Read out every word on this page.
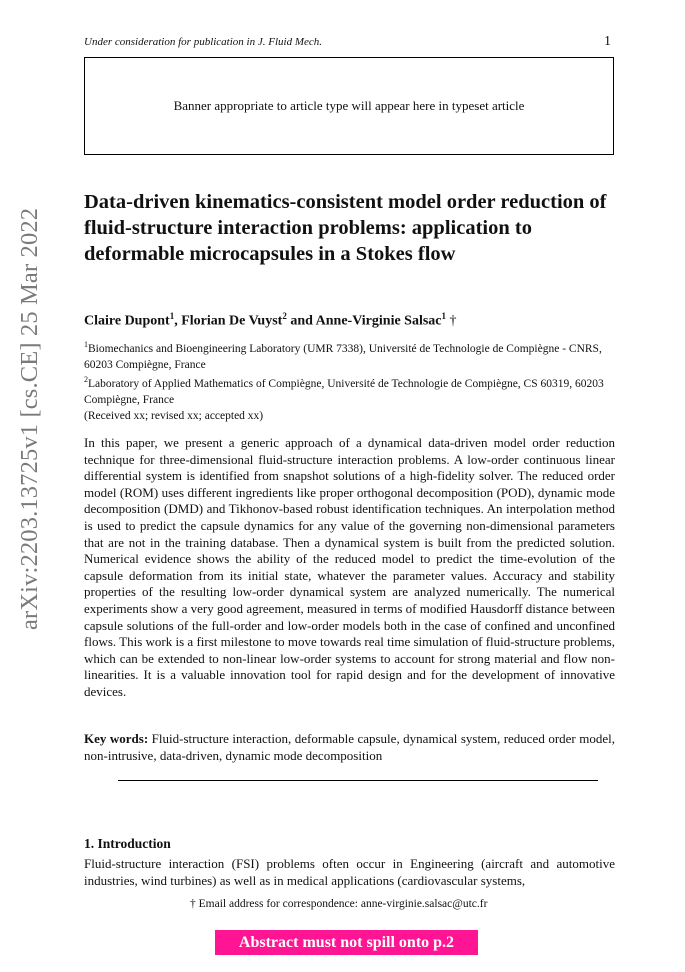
Under consideration for publication in J. Fluid Mech.	1
Banner appropriate to article type will appear here in typeset article
arXiv:2203.13725v1 [cs.CE] 25 Mar 2022
Data-driven kinematics-consistent model order reduction of fluid-structure interaction problems: application to deformable microcapsules in a Stokes flow
Claire Dupont$^1$, Florian De Vuyst$^2$ and Anne-Virginie Salsac$^1$ †
$^1$Biomechanics and Bioengineering Laboratory (UMR 7338), Université de Technologie de Compiègne - CNRS, 60203 Compiègne, France
$^2$Laboratory of Applied Mathematics of Compiègne, Université de Technologie de Compiègne, CS 60319, 60203 Compiègne, France
(Received xx; revised xx; accepted xx)

In this paper, we present a generic approach of a dynamical data-driven model order reduction technique for three-dimensional fluid-structure interaction problems. A low-order continuous linear differential system is identified from snapshot solutions of a high-fidelity solver. The reduced order model (ROM) uses different ingredients like proper orthogonal decomposition (POD), dynamic mode decomposition (DMD) and Tikhonov-based robust identification techniques. An interpolation method is used to predict the capsule dynamics for any value of the governing non-dimensional parameters that are not in the training database. Then a dynamical system is built from the predicted solution. Numerical evidence shows the ability of the reduced model to predict the time-evolution of the capsule deformation from its initial state, whatever the parameter values. Accuracy and stability properties of the resulting low-order dynamical system are analyzed numerically. The numerical experiments show a very good agreement, measured in terms of modified Hausdorff distance between capsule solutions of the full-order and low-order models both in the case of confined and unconfined flows. This work is a first milestone to move towards real time simulation of fluid-structure problems, which can be extended to non-linear low-order systems to account for strong material and flow non-linearities. It is a valuable innovation tool for rapid design and for the development of innovative devices.

Key words: Fluid-structure interaction, deformable capsule, dynamical system, reduced order model, non-intrusive, data-driven, dynamic mode decomposition
1. Introduction

Fluid-structure interaction (FSI) problems often occur in Engineering (aircraft and automotive industries, wind turbines) as well as in medical applications (cardiovascular systems,

† Email address for correspondence: anne-virginie.salsac@utc.fr
Abstract must not spill onto p.2
